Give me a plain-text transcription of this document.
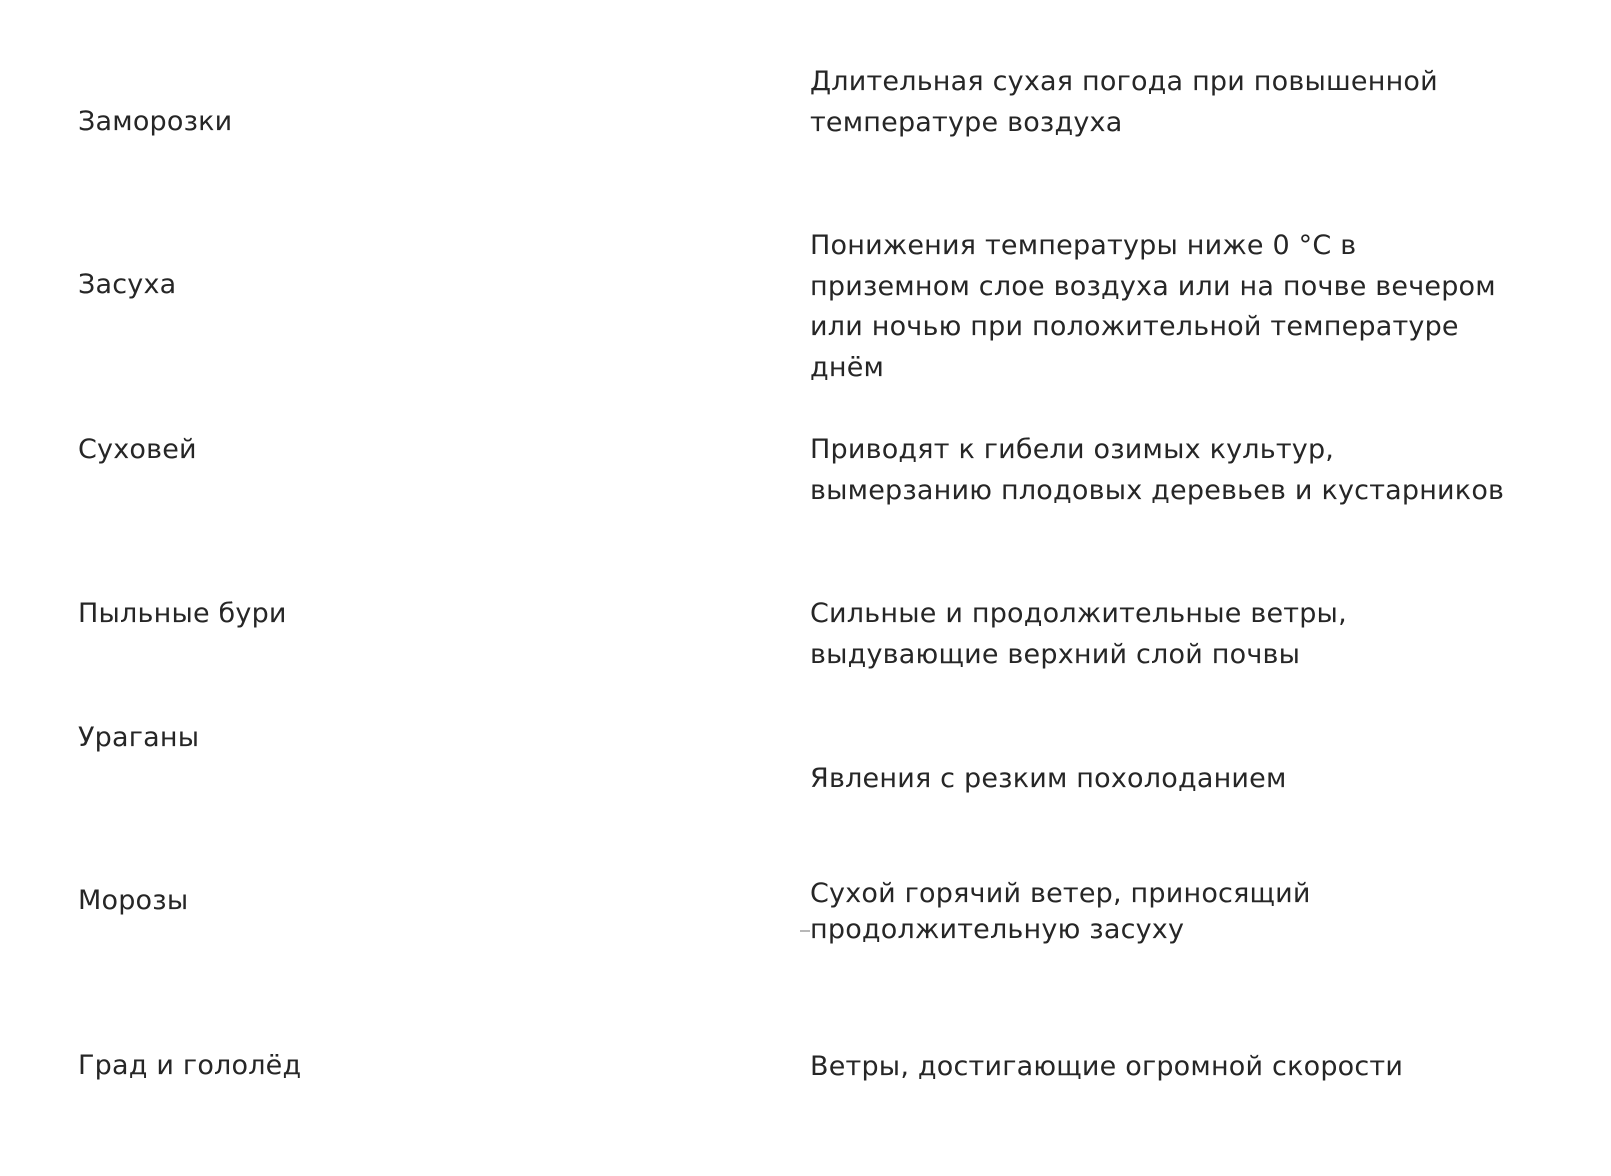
Заморозки
Засуха
Суховей
Пыльные бури
Ураганы
Морозы
Град и гололёд
Длительная сухая погода при повышенной
температуре воздуха
Понижения температуры ниже 0 °С в
приземном слое воздуха или на почве вечером
или ночью при положительной температуре
днём
Приводят к гибели озимых культур,
вымерзанию плодовых деревьев и кустарников
Сильные и продолжительные ветры,
выдувающие верхний слой почвы
Явления с резким похолоданием
Сухой горячий ветер, приносящий
продолжительную засуху
Ветры, достигающие огромной скорости
